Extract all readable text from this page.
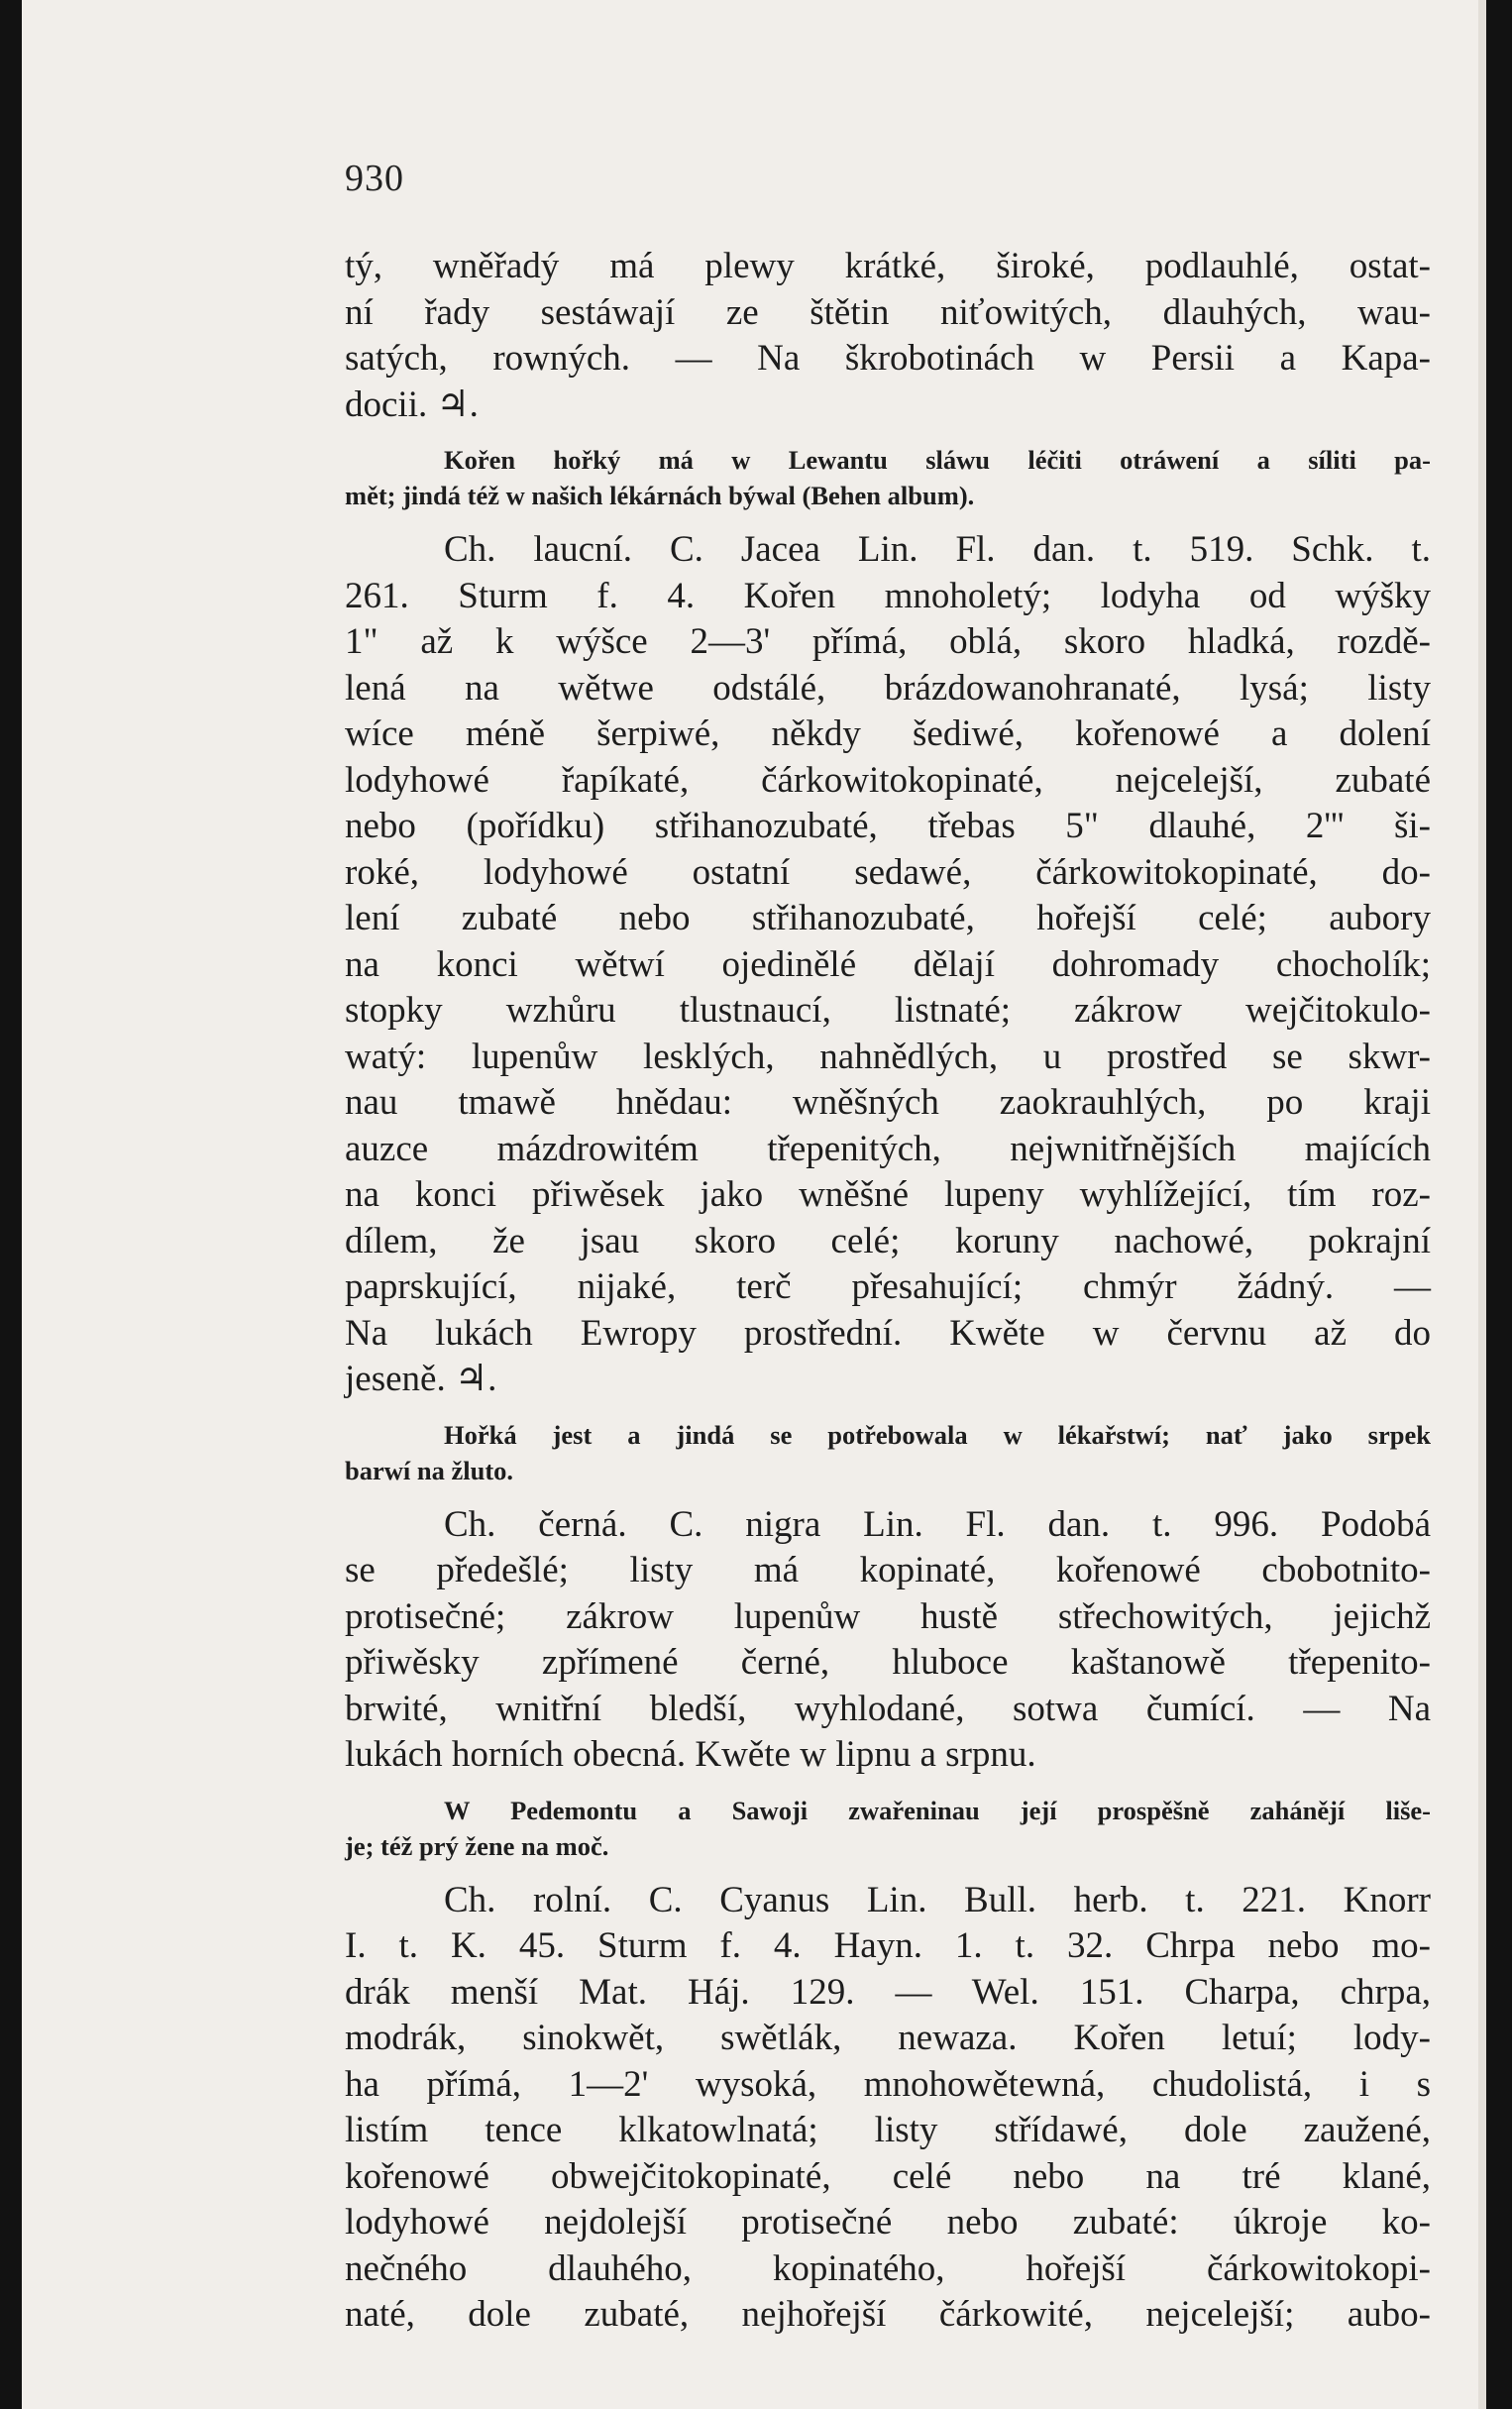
930
tý, wněřadý má plewy krátké, široké, podlauhlé, ostat-
ní řady sestáwají ze štětin niťowitých, dlauhých, wau-
satých, rowných. — Na škrobotinách w Persii a Kapa-
docii. ♃.
Kořen hořký má w Lewantu sláwu léčiti otráwení a síliti pa-
mět; jindá též w našich lékárnách býwal (Behen album).
Ch. laucní. C. Jacea Lin. Fl. dan. t. 519. Schk. t.
261. Sturm f. 4. Kořen mnoholetý; lodyha od wýšky
1" až k wýšce 2—3' přímá, oblá, skoro hladká, rozdě-
lená na wětwe odstálé, brázdowanohranaté, lysá; listy
wíce méně šerpiwé, někdy šediwé, kořenowé a dolení
lodyhowé řapíkaté, čárkowitokopinaté, nejcelejší, zubaté
nebo (pořídku) střihanozubaté, třebas 5" dlauhé, 2''' ši-
roké, lodyhowé ostatní sedawé, čárkowitokopinaté, do-
lení zubaté nebo střihanozubaté, hořejší celé; aubory
na konci wětwí ojedinělé dělají dohromady chocholík;
stopky wzhůru tlustnaucí, listnaté; zákrow wejčitokulo-
watý: lupenůw lesklých, nahnědlých, u prostřed se skwr-
nau tmawě hnědau: wněšných zaokrauhlých, po kraji
auzce mázdrowitém třepenitých, nejwnitřnějších majících
na konci přiwěsek jako wněšné lupeny wyhlížející, tím roz-
dílem, že jsau skoro celé; koruny nachowé, pokrajní
paprskující, nijaké, terč přesahující; chmýr žádný. —
Na lukách Ewropy prostřední. Kwěte w červnu až do
jeseně. ♃.
Hořká jest a jindá se potřebowala w lékařstwí; nať jako srpek
barwí na žluto.
Ch. černá. C. nigra Lin. Fl. dan. t. 996. Podobá
se předešlé; listy má kopinaté, kořenowé cbobotnito-
protisečné; zákrow lupenůw hustě střechowitých, jejichž
přiwěsky zpřímené černé, hluboce kaštanowě třepenito-
brwité, wnitřní bledší, wyhlodané, sotwa čumící. — Na
lukách horních obecná. Kwěte w lipnu a srpnu.
W Pedemontu a Sawoji zwařeninau její prospěšně zahánějí liše-
je; též prý žene na moč.
Ch. rolní. C. Cyanus Lin. Bull. herb. t. 221. Knorr
I. t. K. 45. Sturm f. 4. Hayn. 1. t. 32. Chrpa nebo mo-
drák menší Mat. Háj. 129. — Wel. 151. Charpa, chrpa,
modrák, sinokwět, swětlák, newaza. Kořen letuí; lody-
ha přímá, 1—2' wysoká, mnohowětewná, chudolistá, i s
listím tence klkatowlnatá; listy střídawé, dole zaužené,
kořenowé obwejčitokopinaté, celé nebo na tré klané,
lodyhowé nejdolejší protisečné nebo zubaté: úkroje ko-
nečného dlauhého, kopinatého, hořejší čárkowitokopi-
naté, dole zubaté, nejhořejší čárkowité, nejcelejší; aubo-
